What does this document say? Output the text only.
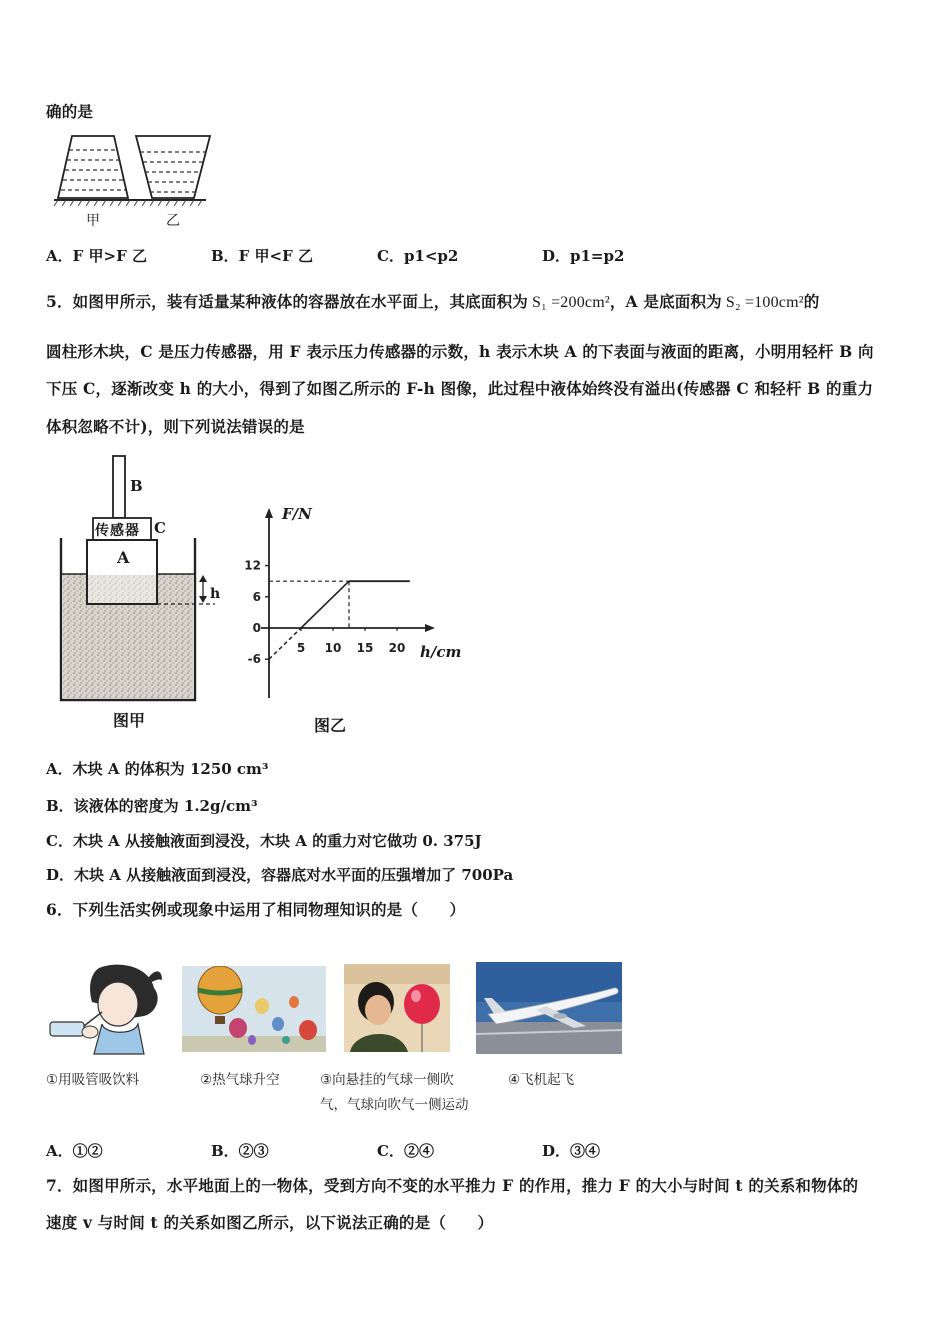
确的是
甲	乙
A．F 甲>F 乙	B．F 甲<F 乙	C．p1<p2	D．p1=p2
5．如图甲所示，装有适量某种液体的容器放在水平面上，其底面积为 S₁ =200cm²，A 是底面积为 S₂ =100cm²的
圆柱形木块，C 是压力传感器，用 F 表示压力传感器的示数，h 表示木块 A 的下表面与液面的距离，小明用轻杆 B 向
下压 C，逐渐改变 h 的大小，得到了如图乙所示的 F-h 图像，此过程中液体始终没有溢出(传感器 C 和轻杆 B 的重力
体积忽略不计)，则下列说法错误的是
B
传感器 C
A
h
图甲
12
6
0
-6
5 10 15 20
F/N
h/cm
图乙
A．木块 A 的体积为 1250 cm³
B．该液体的密度为 1.2g/cm³
C．木块 A 从接触液面到浸没，木块 A 的重力对它做功 0. 375J
D．木块 A 从接触液面到浸没，容器底对水平面的压强增加了 700Pa
6．下列生活实例或现象中运用了相同物理知识的是（　　）
①用吸管吸饮料	②热气球升空	③向悬挂的气球一侧吹
气，气球向吹气一侧运动
④飞机起飞
A．①②	B．②③	C．②④	D．③④
7．如图甲所示，水平地面上的一物体，受到方向不变的水平推力 F 的作用，推力 F 的大小与时间 t 的关系和物体的
速度 v 与时间 t 的关系如图乙所示，以下说法正确的是（　　）
